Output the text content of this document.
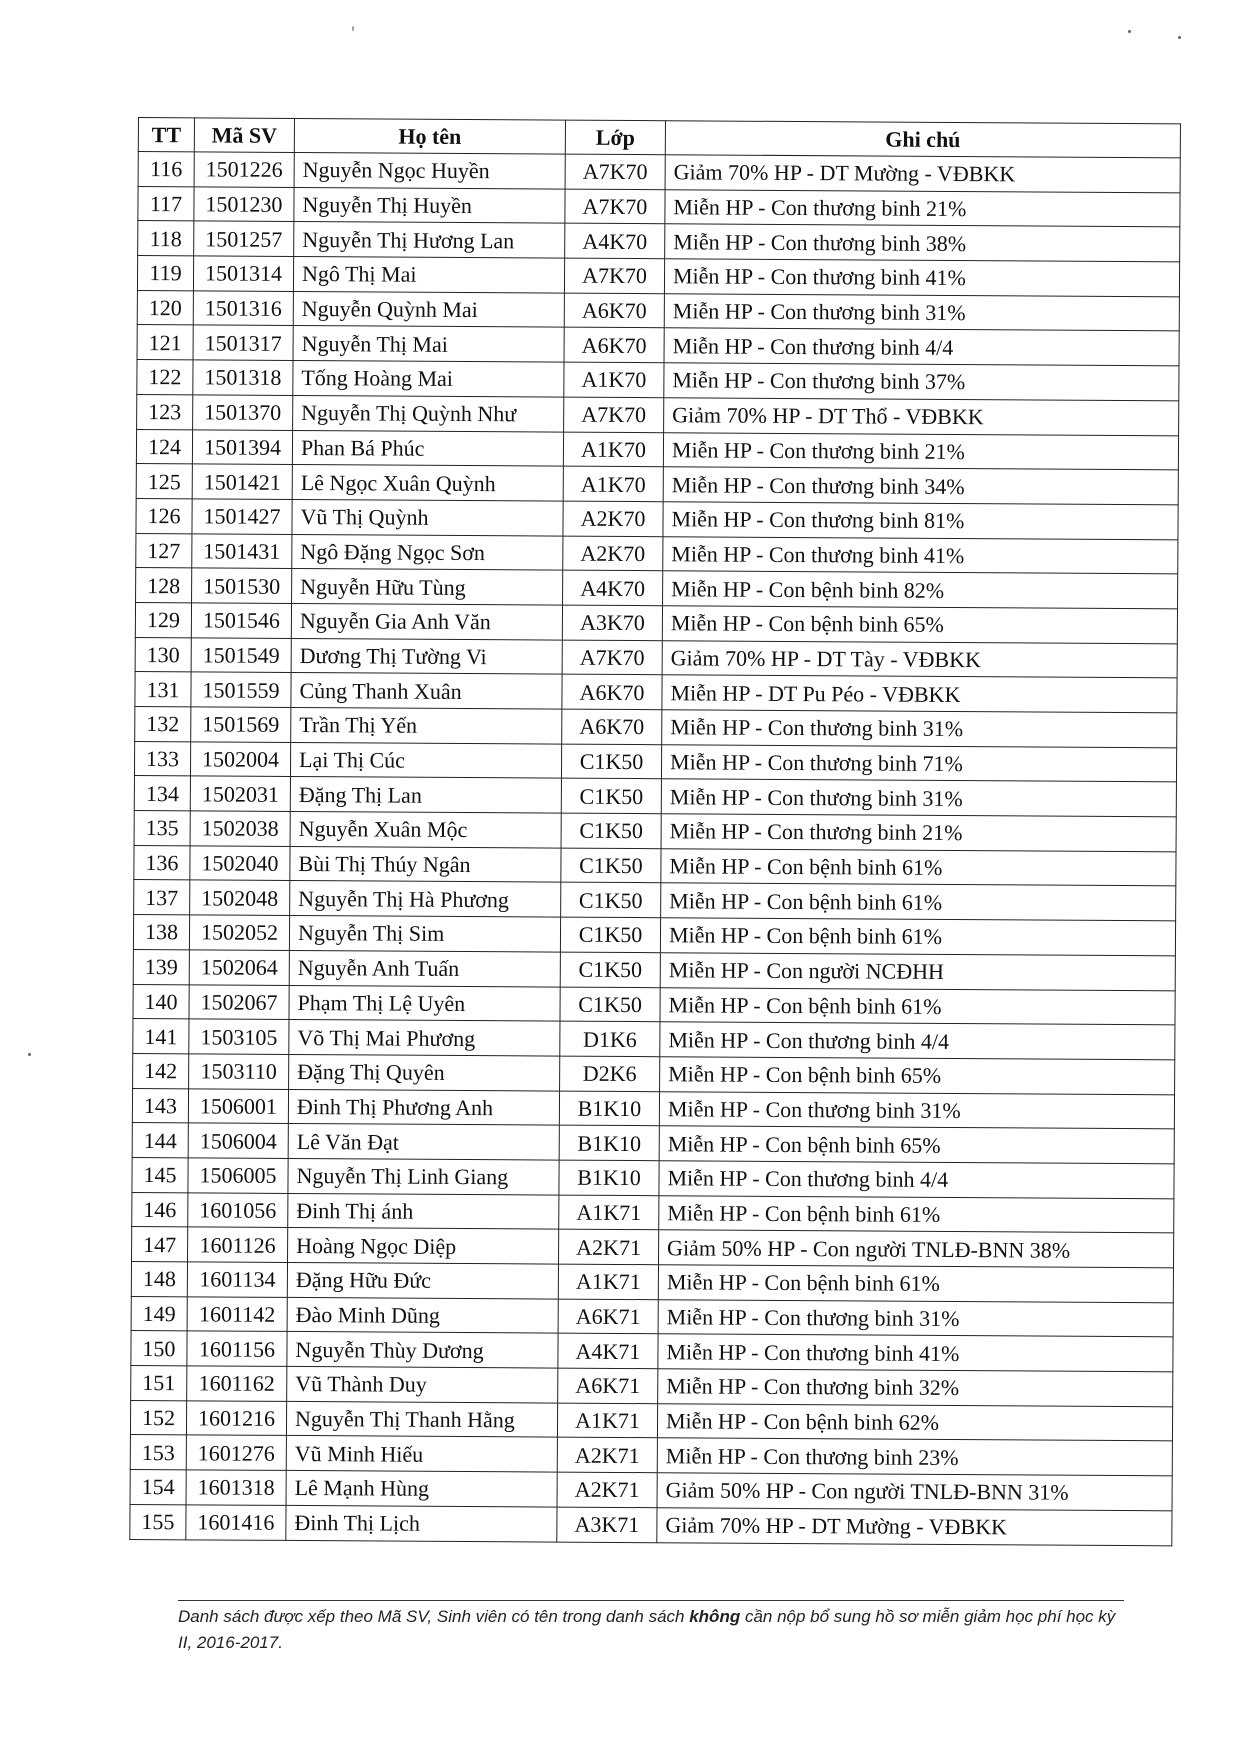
TT	Mã SV	Họ tên	Lớp	Ghi chú
116	1501226	Nguyễn Ngọc Huyền	A7K70	Giảm 70% HP - DT Mường - VĐBKK
117	1501230	Nguyễn Thị Huyền	A7K70	Miễn HP - Con thương binh 21%
118	1501257	Nguyễn Thị Hương Lan	A4K70	Miễn HP - Con thương binh 38%
119	1501314	Ngô Thị Mai	A7K70	Miễn HP - Con thương binh 41%
120	1501316	Nguyễn Quỳnh Mai	A6K70	Miễn HP - Con thương binh 31%
121	1501317	Nguyễn Thị Mai	A6K70	Miễn HP - Con thương binh 4/4
122	1501318	Tống Hoàng Mai	A1K70	Miễn HP - Con thương binh 37%
123	1501370	Nguyễn Thị Quỳnh Như	A7K70	Giảm 70% HP - DT Thổ - VĐBKK
124	1501394	Phan Bá Phúc	A1K70	Miễn HP - Con thương binh 21%
125	1501421	Lê Ngọc Xuân Quỳnh	A1K70	Miễn HP - Con thương binh 34%
126	1501427	Vũ Thị Quỳnh	A2K70	Miễn HP - Con thương binh 81%
127	1501431	Ngô Đặng Ngọc Sơn	A2K70	Miễn HP - Con thương binh 41%
128	1501530	Nguyễn Hữu Tùng	A4K70	Miễn HP - Con bệnh binh 82%
129	1501546	Nguyễn Gia Anh Văn	A3K70	Miễn HP - Con bệnh binh 65%
130	1501549	Dương Thị Tường Vi	A7K70	Giảm 70% HP - DT Tày - VĐBKK
131	1501559	Củng Thanh Xuân	A6K70	Miễn HP - DT Pu Péo - VĐBKK
132	1501569	Trần Thị Yến	A6K70	Miễn HP - Con thương binh 31%
133	1502004	Lại Thị Cúc	C1K50	Miễn HP - Con thương binh 71%
134	1502031	Đặng Thị Lan	C1K50	Miễn HP - Con thương binh 31%
135	1502038	Nguyễn Xuân Mộc	C1K50	Miễn HP - Con thương binh 21%
136	1502040	Bùi Thị Thúy Ngân	C1K50	Miễn HP - Con bệnh binh 61%
137	1502048	Nguyễn Thị Hà Phương	C1K50	Miễn HP - Con bệnh binh 61%
138	1502052	Nguyễn Thị Sim	C1K50	Miễn HP - Con bệnh binh 61%
139	1502064	Nguyễn Anh Tuấn	C1K50	Miễn HP - Con người NCĐHH
140	1502067	Phạm Thị Lệ Uyên	C1K50	Miễn HP - Con bệnh binh 61%
141	1503105	Võ Thị Mai Phương	D1K6	Miễn HP - Con thương binh 4/4
142	1503110	Đặng Thị Quyên	D2K6	Miễn HP - Con bệnh binh 65%
143	1506001	Đinh Thị Phương Anh	B1K10	Miễn HP - Con thương binh 31%
144	1506004	Lê Văn Đạt	B1K10	Miễn HP - Con bệnh binh 65%
145	1506005	Nguyễn Thị Linh Giang	B1K10	Miễn HP - Con thương binh 4/4
146	1601056	Đinh Thị ánh	A1K71	Miễn HP - Con bệnh binh 61%
147	1601126	Hoàng Ngọc Diệp	A2K71	Giảm 50% HP - Con người TNLĐ-BNN 38%
148	1601134	Đặng Hữu Đức	A1K71	Miễn HP - Con bệnh binh 61%
149	1601142	Đào Minh Dũng	A6K71	Miễn HP - Con thương binh 31%
150	1601156	Nguyễn Thùy Dương	A4K71	Miễn HP - Con thương binh 41%
151	1601162	Vũ Thành Duy	A6K71	Miễn HP - Con thương binh 32%
152	1601216	Nguyễn Thị Thanh Hằng	A1K71	Miễn HP - Con bệnh binh 62%
153	1601276	Vũ Minh Hiếu	A2K71	Miễn HP - Con thương binh 23%
154	1601318	Lê Mạnh Hùng	A2K71	Giảm 50% HP - Con người TNLĐ-BNN 31%
155	1601416	Đinh Thị Lịch	A3K71	Giảm 70% HP - DT Mường - VĐBKK
Danh sách được xếp theo Mã SV, Sinh viên có tên trong danh sách không cần nộp bổ sung hồ sơ miễn giảm học phí học kỳ II, 2016-2017.
